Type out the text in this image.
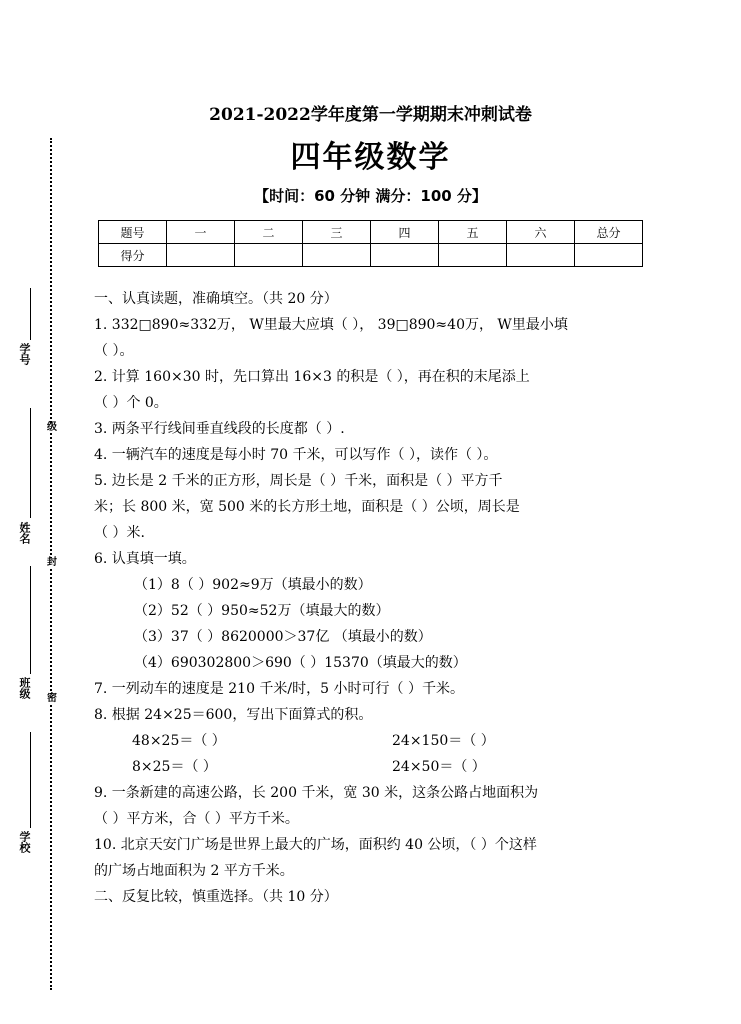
学号
级
姓名
封
班级 密
学校
2021-2022学年度第一学期期末冲刺试卷
四年级数学
【时间：60 分钟 满分：100 分】
题号	一	二	三	四	五	六	总分
得分							
一、认真读题，准确填空。（共 20 分）
1. 332□890≈332万， W里最大应填（ ）， 39□890≈40万， W里最小填
（ ）。
2. 计算 160×30 时，先口算出 16×3 的积是（ ），再在积的末尾添上
（ ）个 0。
3. 两条平行线间垂直线段的长度都（ ）.
4. 一辆汽车的速度是每小时 70 千米，可以写作（ ），读作（ ）。
5. 边长是 2 千米的正方形，周长是（ ）千米，面积是（ ）平方千
米；长 800 米，宽 500 米的长方形土地，面积是（ ）公顷，周长是
（ ）米.
6. 认真填一填。
（1）8（ ）902≈9万（填最小的数）
（2）52（ ）950≈52万（填最大的数）
（3）37（ ）8620000＞37亿 （填最小的数）
（4）690302800＞690（ ）15370（填最大的数）
7. 一列动车的速度是 210 千米/时，5 小时可行（ ）千米。
8. 根据 24×25＝600，写出下面算式的积。
48×25＝（ ）	24×150＝（ ）
8×25＝（ ）	24×50＝（ ）
9. 一条新建的高速公路，长 200 千米，宽 30 米，这条公路占地面积为
（ ）平方米，合（ ）平方千米。
10. 北京天安门广场是世界上最大的广场，面积约 40 公顷，（ ）个这样
的广场占地面积为 2 平方千米。
二、反复比较，慎重选择。（共 10 分）
